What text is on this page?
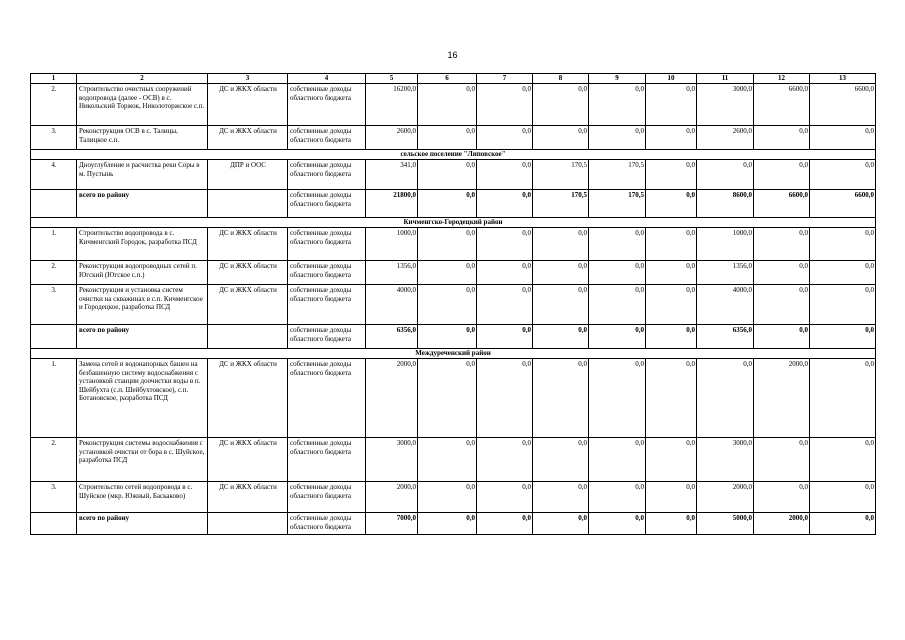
16
1	2	3	4	5	6	7	8	9	10	11	12	13
2.	Строительство очистных сооружений водопровода (далее - ОСВ) в с. Никольский Торжок, Николоторжское с.п.	ДС и ЖКХ области	собственные доходы областного бюджета	16200,0	0,0	0,0	0,0	0,0	0,0	3000,0	6600,0	6600,0
3.	Реконструкция ОСВ в с. Талицы, Талицкое с.п.	ДС и ЖКХ области	собственные доходы областного бюджета	2600,0	0,0	0,0	0,0	0,0	0,0	2600,0	0,0	0,0
сельское поселение "Липовское"												
4.	Дноуглубление и расчистка реки Соры в м. Пустынь	ДПР и ООС	собственные доходы областного бюджета	341,0	0,0	0,0	170,5	170,5	0,0	0,0	0,0	0,0
	всего по району		собственные доходы областного бюджета	21800,0	0,0	0,0	170,5	170,5	0,0	8600,0	6600,0	6600,0
Кичменгско-Городецкий район												
1.	Строительство водопровода в с. Кичменгский Городок, разработка ПСД	ДС и ЖКХ области	собственные доходы областного бюджета	1000,0	0,0	0,0	0,0	0,0	0,0	1000,0	0,0	0,0
2.	Реконструкция водопроводных сетей п. Югский (Югское с.п.)	ДС и ЖКХ области	собственные доходы областного бюджета	1356,0	0,0	0,0	0,0	0,0	0,0	1356,0	0,0	0,0
3.	Реконструкция и установка систем очистки на скважинах в с.п. Кичменгское и Городецкое, разработка ПСД	ДС и ЖКХ области	собственные доходы областного бюджета	4000,0	0,0	0,0	0,0	0,0	0,0	4000,0	0,0	0,0
	всего по району		собственные доходы областного бюджета	6356,0	0,0	0,0	0,0	0,0	0,0	6356,0	0,0	0,0
Междуреченский район												
1.	Замена сетей и водонапорных башен на безбашенную систему водоснабжения с установкой станции доочистки воды в п. Шейбухта (с.п. Шейбухтовское), с.п. Ботановское, разработка ПСД	ДС и ЖКХ области	собственные доходы областного бюджета	2000,0	0,0	0,0	0,0	0,0	0,0	0,0	2000,0	0,0
2.	Реконструкция системы водоснабжения с установкой очистки от бора в с. Шуйское, разработка ПСД	ДС и ЖКХ области	собственные доходы областного бюджета	3000,0	0,0	0,0	0,0	0,0	0,0	3000,0	0,0	0,0
3.	Строительство сетей водопровода в с. Шуйское (мкр. Южный, Баскаково)	ДС и ЖКХ области	собственные доходы областного бюджета	2000,0	0,0	0,0	0,0	0,0	0,0	2000,0	0,0	0,0
	всего по району		собственные доходы областного бюджета	7000,0	0,0	0,0	0,0	0,0	0,0	5000,0	2000,0	0,0
